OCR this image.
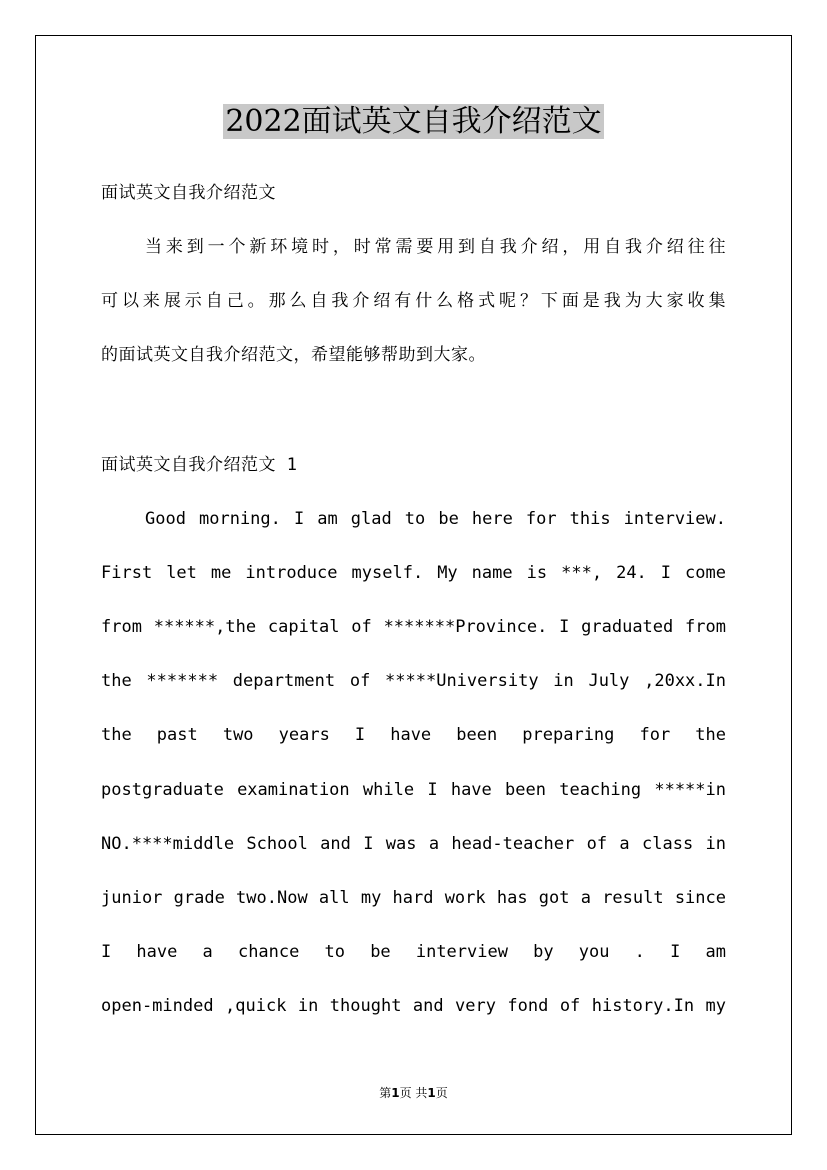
2022面试英文自我介绍范文
面试英文自我介绍范文
当来到一个新环境时，时常需要用到自我介绍，用自我介绍往往
可以来展示自己。那么自我介绍有什么格式呢？下面是我为大家收集
的面试英文自我介绍范文，希望能够帮助到大家。
面试英文自我介绍范文 1
Good morning. I am glad to be here for this interview.
First let me introduce myself. My name is ***, 24. I come
from ******,the capital of *******Province. I graduated from
the ******* department of *****University in July ,20xx.In
the past two years I have been preparing for the
postgraduate examination while I have been teaching *****in
NO.****middle School and I was a head-teacher of a class in
junior grade two.Now all my hard work has got a result since
I have a chance to be interview by you . I am
open-minded ,quick in thought and very fond of history.In my
第1页 共1页
